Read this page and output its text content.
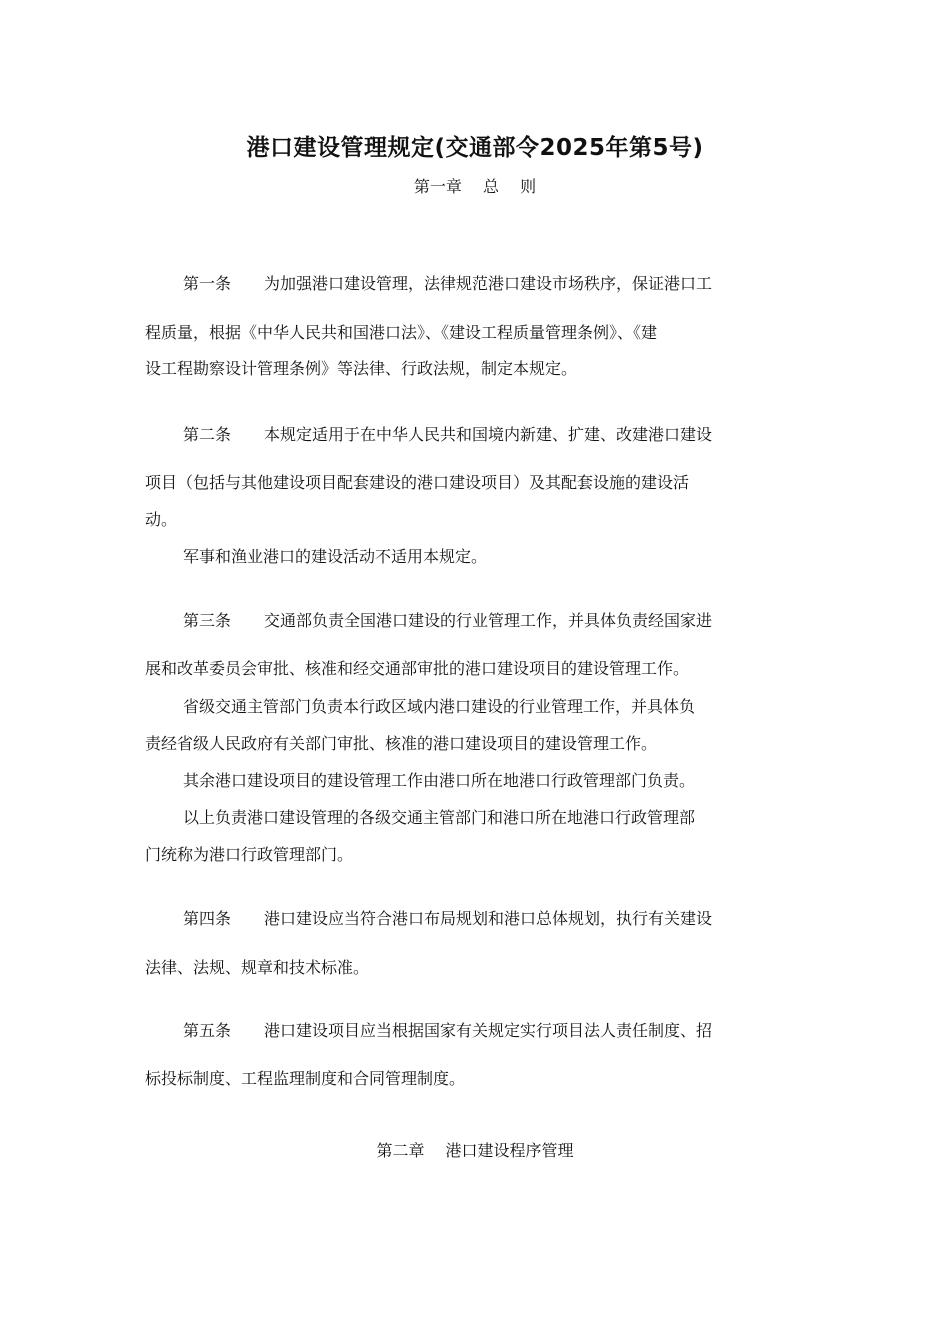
港口建设管理规定(交通部令2025年第5号)
第一章　 总　 则
第一条 为加强港口建设管理，法律规范港口建设市场秩序，保证港口工
程质量，根据《中华人民共和国港口法》、《建设工程质量管理条例》、《建
设工程勘察设计管理条例》等法律、行政法规，制定本规定。
第二条 本规定适用于在中华人民共和国境内新建、扩建、改建港口建设
项目（包括与其他建设项目配套建设的港口建设项目）及其配套设施的建设活
动。
军事和渔业港口的建设活动不适用本规定。
第三条 交通部负责全国港口建设的行业管理工作，并具体负责经国家进
展和改革委员会审批、核准和经交通部审批的港口建设项目的建设管理工作。
省级交通主管部门负责本行政区域内港口建设的行业管理工作，并具体负
责经省级人民政府有关部门审批、核准的港口建设项目的建设管理工作。
其余港口建设项目的建设管理工作由港口所在地港口行政管理部门负责。
以上负责港口建设管理的各级交通主管部门和港口所在地港口行政管理部
门统称为港口行政管理部门。
第四条 港口建设应当符合港口布局规划和港口总体规划，执行有关建设
法律、法规、规章和技术标准。
第五条 港口建设项目应当根据国家有关规定实行项目法人责任制度、招
标投标制度、工程监理制度和合同管理制度。
第二章　 港口建设程序管理
